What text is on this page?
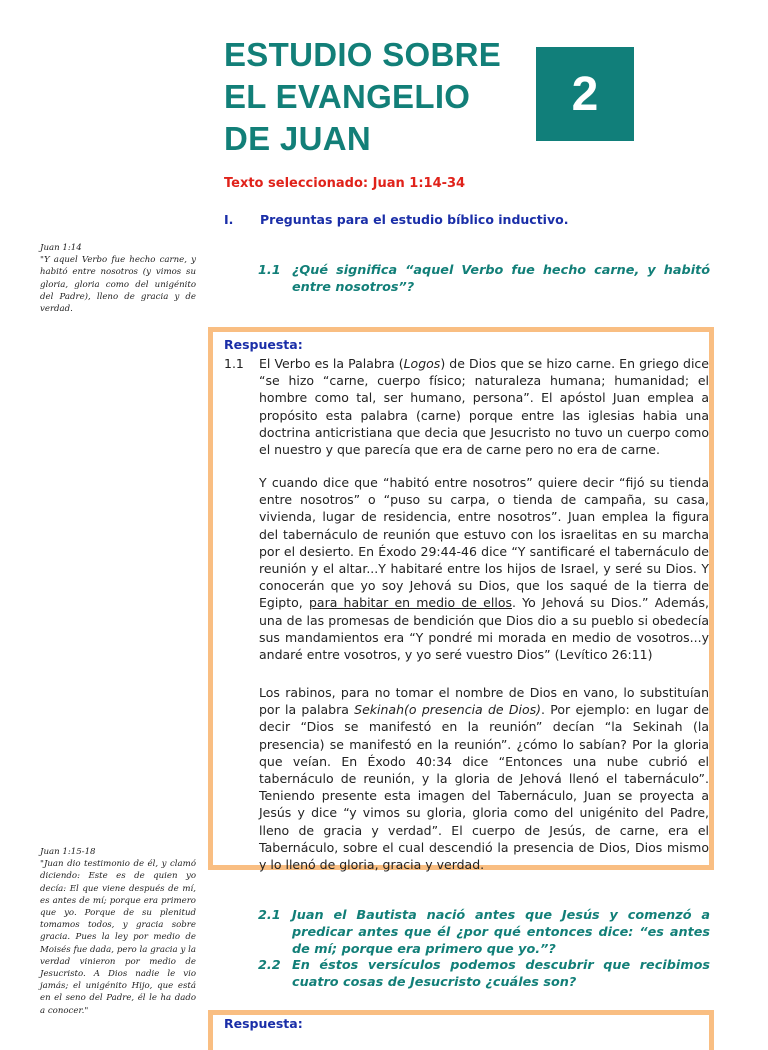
ESTUDIO SOBRE
EL EVANGELIO
DE JUAN
2
Texto seleccionado: Juan 1:14-34
I. Preguntas para el estudio bíblico inductivo.
Juan 1:14
"Y aquel Verbo fue hecho carne, y habitó entre nosotros (y vimos su gloria, gloria como del unigénito del Padre), lleno de gracia y de verdad.
1.1 ¿Qué significa “aquel Verbo fue hecho carne, y habitó entre nosotros”?
Respuesta:
1.1 El Verbo es la Palabra (Logos) de Dios que se hizo carne. En griego dice “se hizo “carne, cuerpo físico; naturaleza humana; humanidad; el hombre como tal, ser humano, persona”. El apóstol Juan emplea a propósito esta palabra (carne) porque entre las iglesias habia una doctrina anticristiana que decia que Jesucristo no tuvo un cuerpo como el nuestro y que parecía que era de carne pero no era de carne.
Y cuando dice que “habitó entre nosotros” quiere decir “fijó su tienda entre nosotros” o “puso su carpa, o tienda de campaña, su casa, vivienda, lugar de residencia, entre nosotros”. Juan emplea la figura del tabernáculo de reunión que estuvo con los israelitas en su marcha por el desierto. En Éxodo 29:44-46 dice “Y santificaré el tabernáculo de reunión y el altar...Y habitaré entre los hijos de Israel, y seré su Dios. Y conocerán que yo soy Jehová su Dios, que los saqué de la tierra de Egipto, para habitar en medio de ellos. Yo Jehová su Dios.” Además, una de las promesas de bendición que Dios dio a su pueblo si obedecía sus mandamientos era “Y pondré mi morada en medio de vosotros...y andaré entre vosotros, y yo seré vuestro Dios” (Levítico 26:11)
Los rabinos, para no tomar el nombre de Dios en vano, lo substituían por la palabra Sekinah(o presencia de Dios). Por ejemplo: en lugar de decir “Dios se manifestó en la reunión” decían “la Sekinah (la presencia) se manifestó en la reunión”. ¿cómo lo sabían? Por la gloria que veían. En Éxodo 40:34 dice “Entonces una nube cubrió el tabernáculo de reunión, y la gloria de Jehová llenó el tabernáculo”. Teniendo presente esta imagen del Tabernáculo, Juan se proyecta a Jesús y dice “y vimos su gloria, gloria como del unigénito del Padre, lleno de gracia y verdad”. El cuerpo de Jesús, de carne, era el Tabernáculo, sobre el cual descendió la presencia de Dios, Dios mismo y lo llenó de gloria, gracia y verdad.
Juan 1:15-18
"Juan dio testimonio de él, y clamó diciendo: Este es de quien yo decía: El que viene después de mí, es antes de mí; porque era primero que yo. Porque de su plenitud tomamos todos, y gracia sobre gracia. Pues la ley por medio de Moisés fue dada, pero la gracia y la verdad vinieron por medio de Jesucristo. A Dios nadie le vio jamás; el unigénito Hijo, que está en el seno del Padre, él le ha dado a conocer."
2.1 Juan el Bautista nació antes que Jesús y comenzó a predicar antes que él ¿por qué entonces dice: “es antes de mí; porque era primero que yo.”?
2.2 En éstos versículos podemos descubrir que recibimos cuatro cosas de Jesucristo ¿cuáles son?
Respuesta:
